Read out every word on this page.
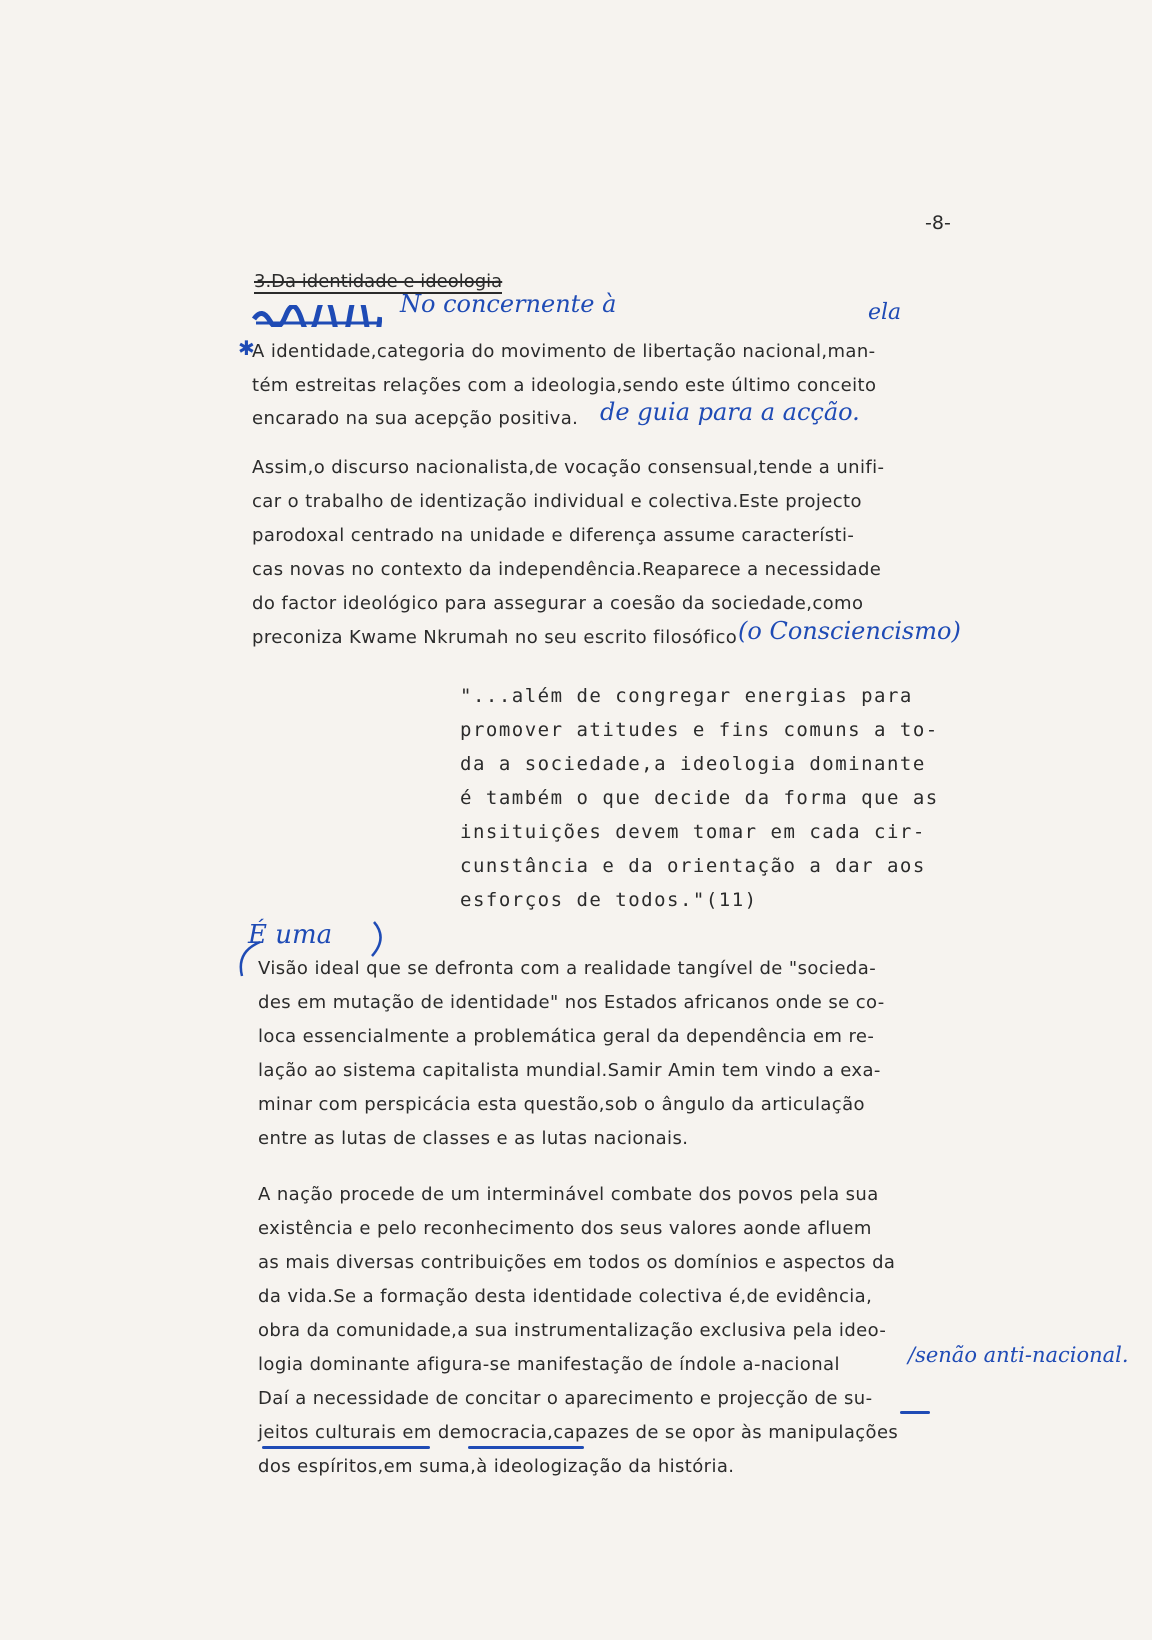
-8-
3.Da identidade e ideologia
No concernente à	ela
✱
A identidade,categoria do movimento de libertação nacional,man-
tém estreitas relações com a ideologia,sendo este último conceito
encarado na sua acepção positiva. de guia para a acção.
Assim,o discurso nacionalista,de vocação consensual,tende a unifi-
car o trabalho de identização individual e colectiva.Este projecto
parodoxal centrado na unidade e diferença assume característi-
cas novas no contexto da independência.Reaparece a necessidade
do factor ideológico para assegurar a coesão da sociedade,como
preconiza Kwame Nkrumah no seu escrito filosófico (o Consciencismo)
"...além de congregar energias para
promover atitudes e fins comuns a to-
da a sociedade,a ideologia dominante
é também o que decide da forma que as
insituições devem tomar em cada cir-
cunstância e da orientação a dar aos
esforços de todos."(11)
É uma
Visão ideal que se defronta com a realidade tangível de "socieda-
des em mutação de identidade" nos Estados africanos onde se co-
loca essencialmente a problemática geral da dependência em re-
lação ao sistema capitalista mundial.Samir Amin tem vindo a exa-
minar com perspicácia esta questão,sob o ângulo da articulação
entre as lutas de classes e as lutas nacionais.
A nação procede de um interminável combate dos povos pela sua
existência e pelo reconhecimento dos seus valores aonde afluem
as mais diversas contribuições em todos os domínios e aspectos da
da vida.Se a formação desta identidade colectiva é,de evidência,
obra da comunidade,a sua instrumentalização exclusiva pela ideo-
logia dominante afigura-se manifestação de índole a-nacional	/senão anti-nacional.
Daí a necessidade de concitar o aparecimento e projecção de su-
jeitos culturais em democracia,capazes de se opor às manipulações
dos espíritos,em suma,à ideologização da história.
